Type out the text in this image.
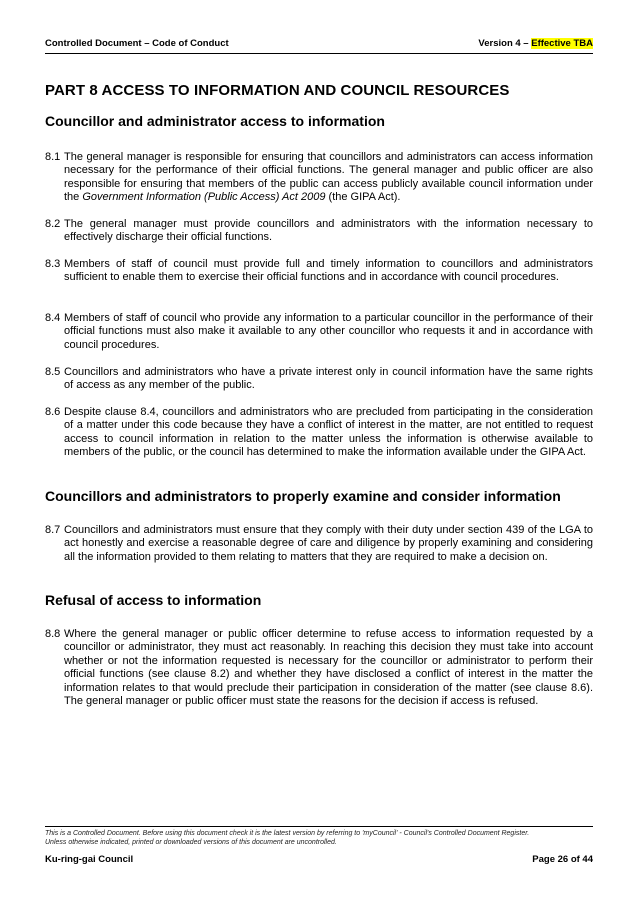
Controlled Document – Code of Conduct	Version 4 – Effective TBA
PART 8 ACCESS TO INFORMATION AND COUNCIL RESOURCES
Councillor and administrator access to information
8.1 The general manager is responsible for ensuring that councillors and administrators can access information necessary for the performance of their official functions. The general manager and public officer are also responsible for ensuring that members of the public can access publicly available council information under the Government Information (Public Access) Act 2009 (the GIPA Act).
8.2 The general manager must provide councillors and administrators with the information necessary to effectively discharge their official functions.
8.3 Members of staff of council must provide full and timely information to councillors and administrators sufficient to enable them to exercise their official functions and in accordance with council procedures.
8.4 Members of staff of council who provide any information to a particular councillor in the performance of their official functions must also make it available to any other councillor who requests it and in accordance with council procedures.
8.5 Councillors and administrators who have a private interest only in council information have the same rights of access as any member of the public.
8.6 Despite clause 8.4, councillors and administrators who are precluded from participating in the consideration of a matter under this code because they have a conflict of interest in the matter, are not entitled to request access to council information in relation to the matter unless the information is otherwise available to members of the public, or the council has determined to make the information available under the GIPA Act.
Councillors and administrators to properly examine and consider information
8.7 Councillors and administrators must ensure that they comply with their duty under section 439 of the LGA to act honestly and exercise a reasonable degree of care and diligence by properly examining and considering all the information provided to them relating to matters that they are required to make a decision on.
Refusal of access to information
8.8 Where the general manager or public officer determine to refuse access to information requested by a councillor or administrator, they must act reasonably. In reaching this decision they must take into account whether or not the information requested is necessary for the councillor or administrator to perform their official functions (see clause 8.2) and whether they have disclosed a conflict of interest in the matter the information relates to that would preclude their participation in consideration of the matter (see clause 8.6). The general manager or public officer must state the reasons for the decision if access is refused.
This is a Controlled Document. Before using this document check it is the latest version by referring to 'myCouncil' - Council's Controlled Document Register.
Unless otherwise indicated, printed or downloaded versions of this document are uncontrolled.
Ku-ring-gai Council	Page 26 of 44
